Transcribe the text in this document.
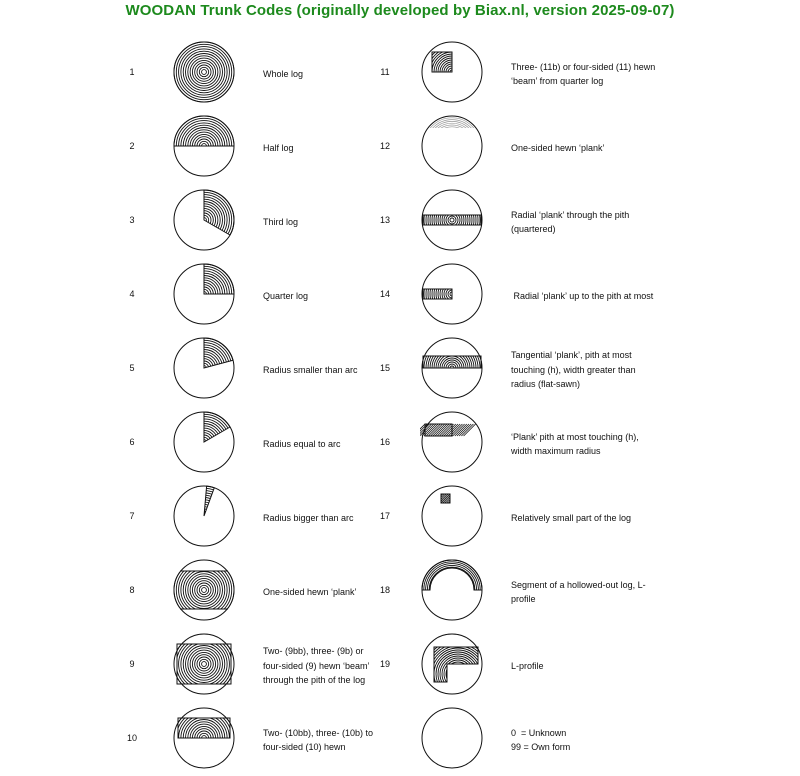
WOODAN Trunk Codes (originally developed by Biax.nl, version 2025-09-07)
1	Whole log
2	Half log
3	Third log
4	Quarter log
5	Radius smaller than arc
6	Radius equal to arc
7	Radius bigger than arc
8	One-sided hewn ‘plank’
9
Two- (9bb), three- (9b) or
four-sided (9) hewn ‘beam’
through the pith of the log
10
Two- (10bb), three- (10b) to
four-sided (10) hewn
11
Three- (11b) or four-sided (11) hewn
‘beam’ from quarter log
12	One-sided hewn ‘plank’
13
Radial ‘plank’ through the pith
(quartered)
14	Radial ‘plank’ up to the pith at most
15
Tangential ‘plank’, pith at most
touching (h), width greater than
radius (flat-sawn)
16
‘Plank’ pith at most touching (h),
width maximum radius
17	Relatively small part of the log
18
Segment of a hollowed-out log, L-
profile
19	L-profile
0  = Unknown
99 = Own form
